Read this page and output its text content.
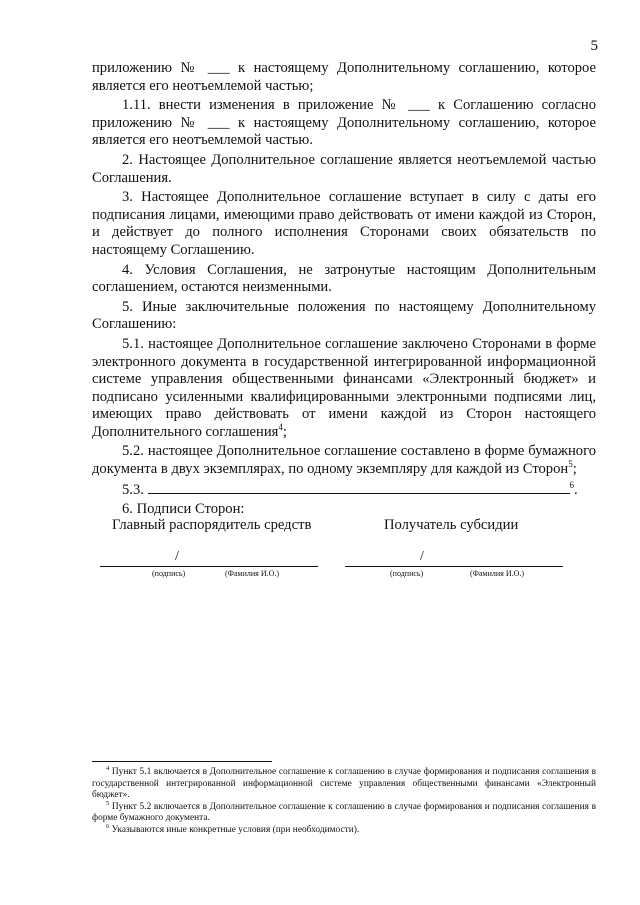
5

приложению № ___ к настоящему Дополнительному соглашению, которое является его неотъемлемой частью;

1.11. внести изменения в приложение № ___ к Соглашению согласно приложению № ___ к настоящему Дополнительному соглашению, которое является его неотъемлемой частью.

2. Настоящее Дополнительное соглашение является неотъемлемой частью Соглашения.

3. Настоящее Дополнительное соглашение вступает в силу с даты его подписания лицами, имеющими право действовать от имени каждой из Сторон, и действует до полного исполнения Сторонами своих обязательств по настоящему Соглашению.

4. Условия Соглашения, не затронутые настоящим Дополнительным соглашением, остаются неизменными.

5. Иные заключительные положения по настоящему Дополнительному Соглашению:

5.1. настоящее Дополнительное соглашение заключено Сторонами в форме электронного документа в государственной интегрированной информационной системе управления общественными финансами «Электронный бюджет» и подписано усиленными квалифицированными электронными подписями лиц, имеющих право действовать от имени каждой из Сторон настоящего Дополнительного соглашения$^4$;

5.2. настоящее Дополнительное соглашение составлено в форме бумажного документа в двух экземплярах, по одному экземпляру для каждой из Сторон$^5$;

5.3.	$^6$.

6. Подписи Сторон:

Главный распорядитель средств	Получатель субсидии
/
(подпись)	(Фамилия И.О.)
/
(подпись)	(Фамилия И.О.)

$^4$ Пункт 5.1 включается в Дополнительное соглашение к соглашению в случае формирования и подписания соглашения в государственной интегрированной информационной системе управления общественными финансами «Электронный бюджет».

$^5$ Пункт 5.2 включается в Дополнительное соглашение к соглашению в случае формирования и подписания соглашения в форме бумажного документа.

$^6$ Указываются иные конкретные условия (при необходимости).
